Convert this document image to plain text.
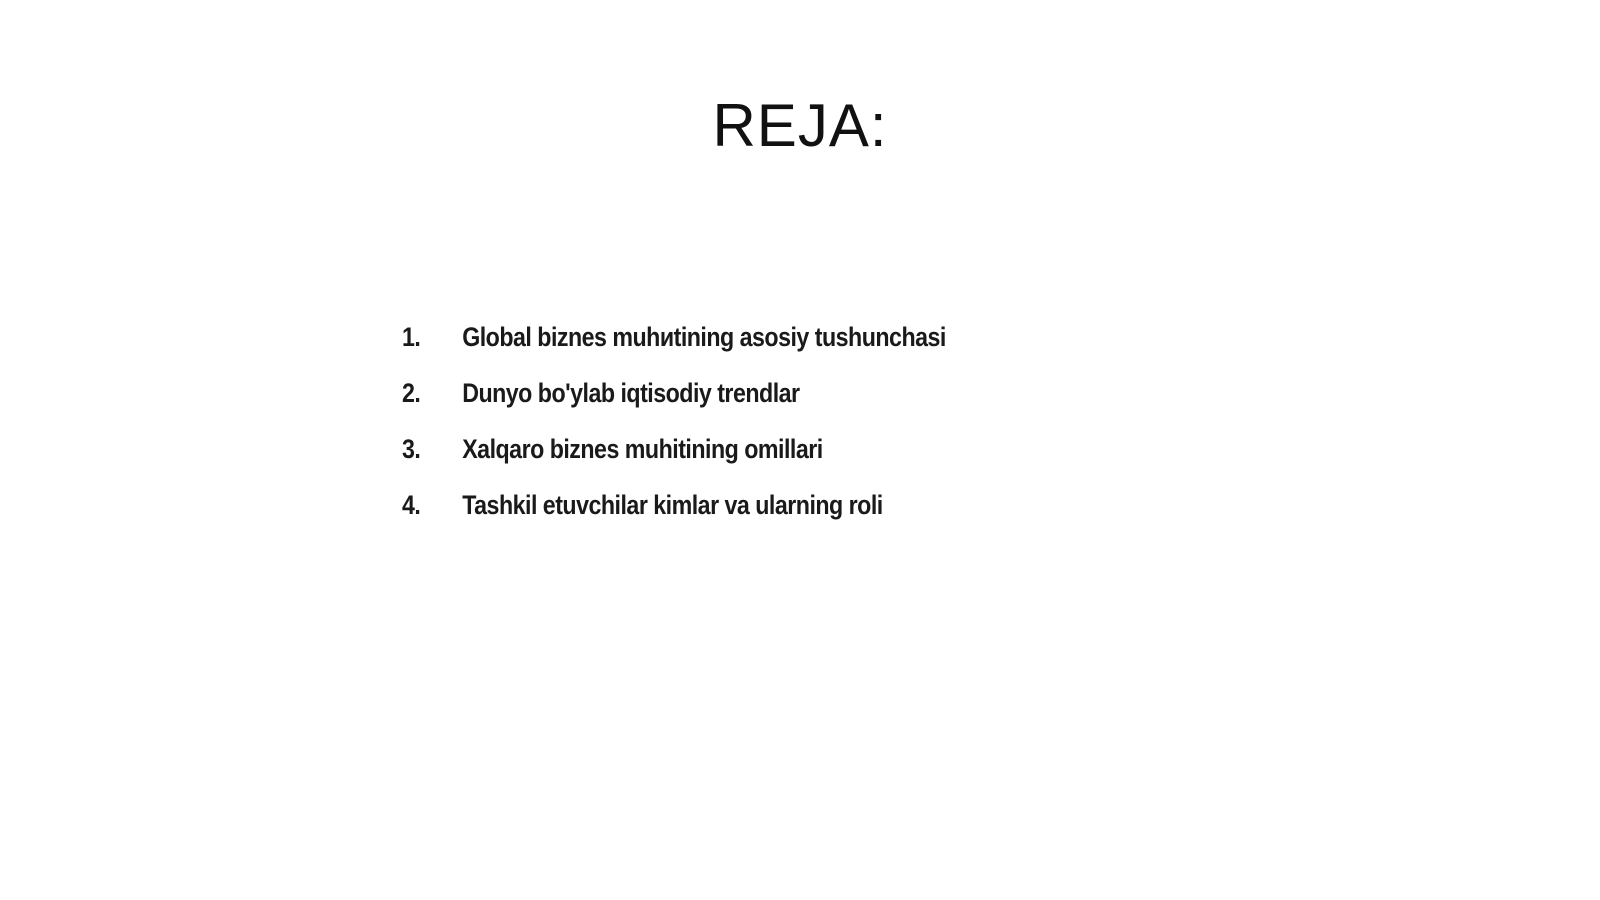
REJA:
1.	Global biznes muhиtining asosiy tushunchasi
2.	Dunyo bo'ylab iqtisodiy trendlar
3.	Xalqaro biznes muhitining omillari
4.	Tashkil etuvchilar kimlar va ularning roli
